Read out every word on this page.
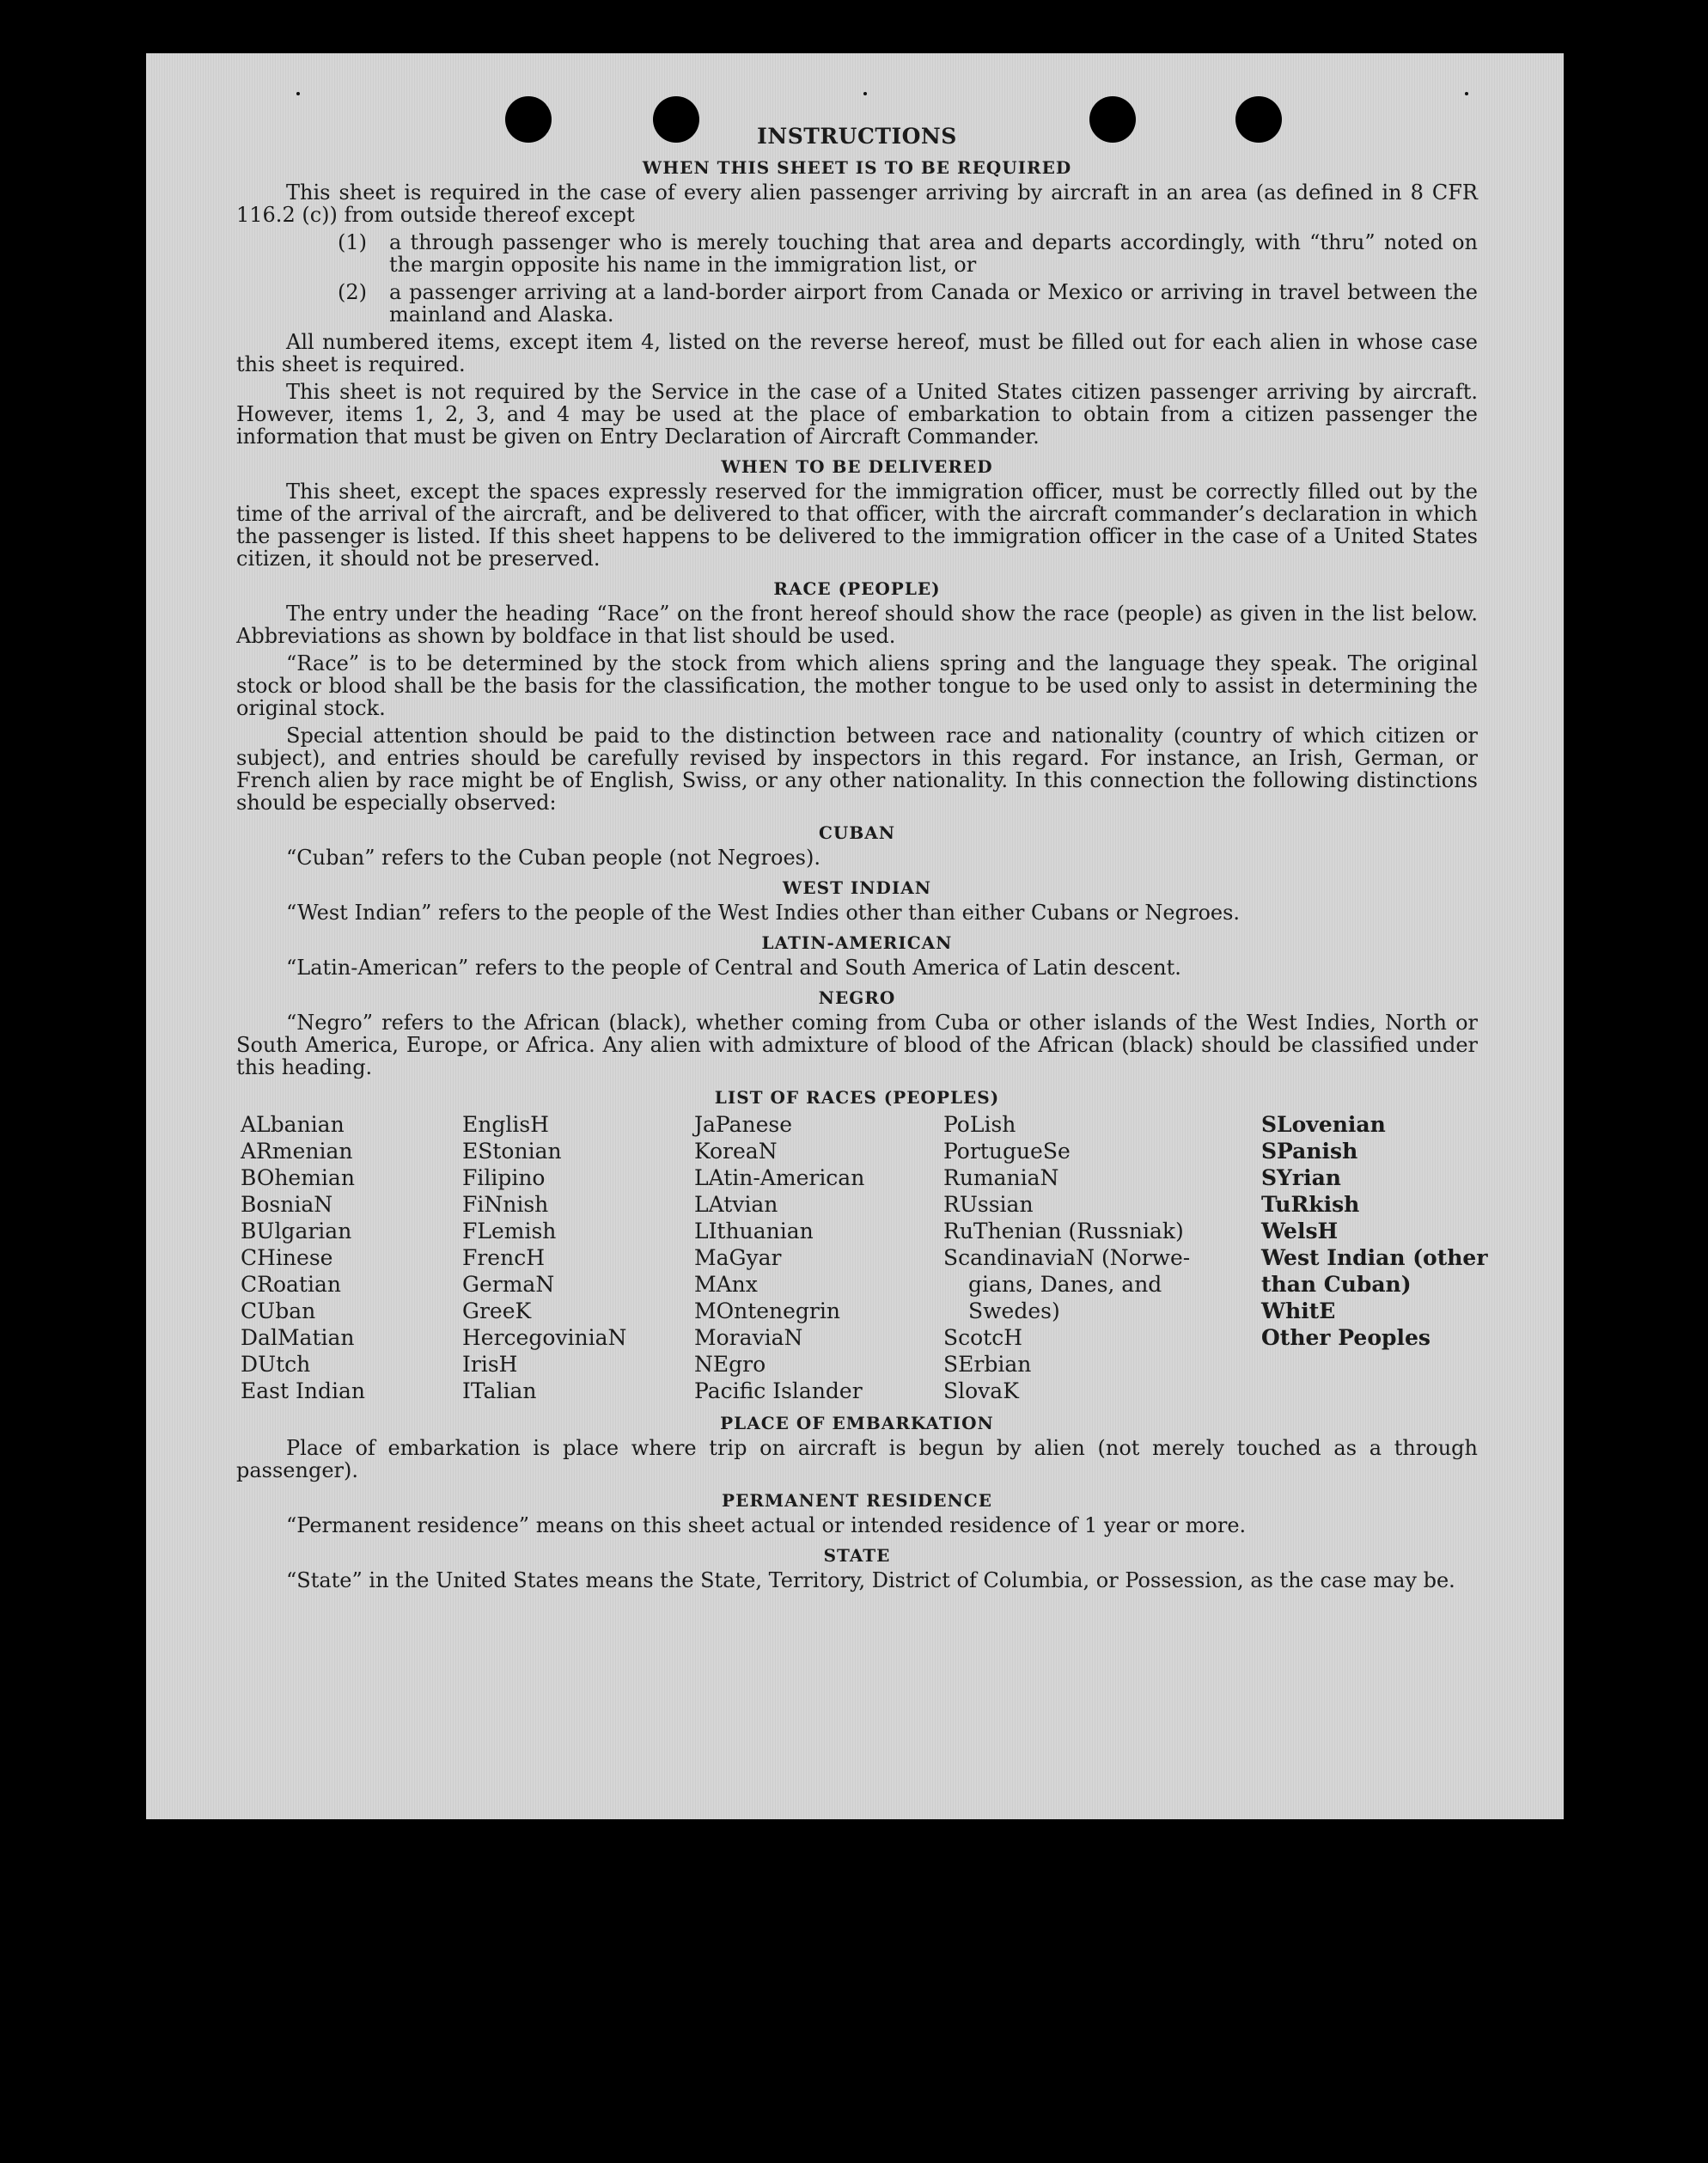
INSTRUCTIONS
WHEN THIS SHEET IS TO BE REQUIRED

This sheet is required in the case of every alien passenger arriving by aircraft in an area (as defined in 8 CFR 116.2 (c)) from outside thereof except

(1)	a through passenger who is merely touching that area and departs accordingly, with “thru” noted on the margin opposite his name in the immigration list, or
(2)	a passenger arriving at a land-border airport from Canada or Mexico or arriving in travel between the mainland and Alaska.

All numbered items, except item 4, listed on the reverse hereof, must be filled out for each alien in whose case this sheet is required.

This sheet is not required by the Service in the case of a United States citizen passenger arriving by aircraft. However, items 1, 2, 3, and 4 may be used at the place of embarkation to obtain from a citizen passenger the information that must be given on Entry Declaration of Aircraft Commander.

WHEN TO BE DELIVERED

This sheet, except the spaces expressly reserved for the immigration officer, must be correctly filled out by the time of the arrival of the aircraft, and be delivered to that officer, with the aircraft commander’s declaration in which the passenger is listed. If this sheet happens to be delivered to the immigration officer in the case of a United States citizen, it should not be preserved.

RACE (PEOPLE)

The entry under the heading “Race” on the front hereof should show the race (people) as given in the list below. Abbreviations as shown by boldface in that list should be used.

“Race” is to be determined by the stock from which aliens spring and the language they speak. The original stock or blood shall be the basis for the classification, the mother tongue to be used only to assist in determining the original stock.

Special attention should be paid to the distinction between race and nationality (country of which citizen or subject), and entries should be carefully revised by inspectors in this regard. For instance, an Irish, German, or French alien by race might be of English, Swiss, or any other nationality. In this connection the following distinctions should be especially observed:

CUBAN
“Cuban” refers to the Cuban people (not Negroes).
WEST INDIAN
“West Indian” refers to the people of the West Indies other than either Cubans or Negroes.
LATIN-AMERICAN
“Latin-American” refers to the people of Central and South America of Latin descent.
NEGRO

“Negro” refers to the African (black), whether coming from Cuba or other islands of the West Indies, North or South America, Europe, or Africa. Any alien with admixture of blood of the African (black) should be classified under this heading.

LIST OF RACES (PEOPLES)
ALbanian
ARmenian
BOhemian
BosniaN
BUlgarian
CHinese
CRoatian
CUban
DalMatian
DUtch
East Indian
EnglisH
EStonian
Filipino
FiNnish
FLemish
FrencH
GermaN
GreeK
HercegoviniaN
IrisH
ITalian
JaPanese
KoreaN
LAtin-American
LAtvian
LIthuanian
MaGyar
MAnx
MOntenegrin
MoraviaN
NEgro
Pacific Islander
PoLish
PortugueSe
RumaniaN
RUssian
RuThenian (Russniak)
ScandinaviaN (Norwe-
gians, Danes, and
Swedes)
ScotcH
SErbian
SlovaK
SLovenian
SPanish
SYrian
TuRkish
WelsH
West Indian (other
than Cuban)
WhitE
Other Peoples
PLACE OF EMBARKATION

Place of embarkation is place where trip on aircraft is begun by alien (not merely touched as a through passenger).

PERMANENT RESIDENCE
“Permanent residence” means on this sheet actual or intended residence of 1 year or more.
STATE

“State” in the United States means the State, Territory, District of Columbia, or Possession, as the case may be.
